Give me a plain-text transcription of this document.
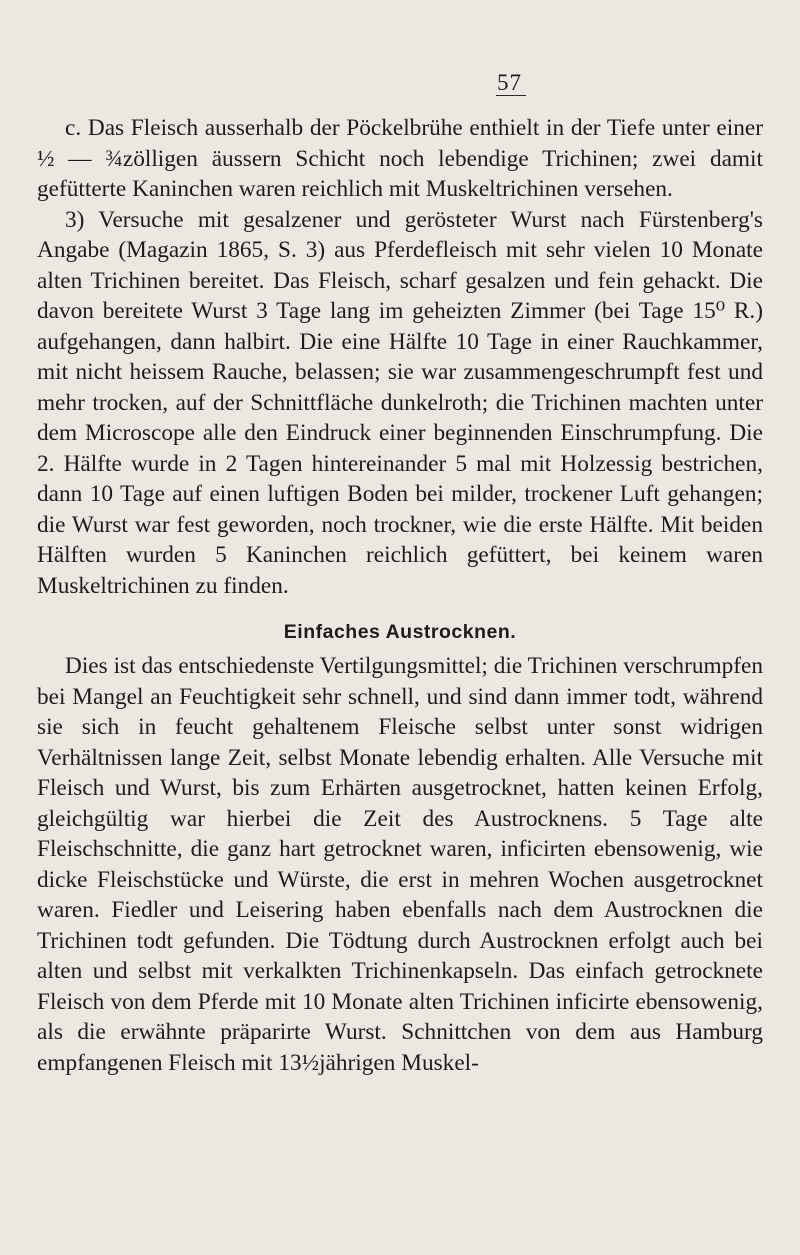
57

c. Das Fleisch ausserhalb der Pöckelbrühe enthielt in der Tiefe unter einer ½ — ¾zölligen äussern Schicht noch lebendige Trichinen; zwei damit gefütterte Kaninchen waren reichlich mit Muskeltrichinen versehen.

3) Versuche mit gesalzener und gerösteter Wurst nach Fürstenberg's Angabe (Magazin 1865, S. 3) aus Pferdefleisch mit sehr vielen 10 Monate alten Trichinen bereitet. Das Fleisch, scharf gesalzen und fein gehackt. Die davon bereitete Wurst 3 Tage lang im geheizten Zimmer (bei Tage 15⁰ R.) aufgehangen, dann halbirt. Die eine Hälfte 10 Tage in einer Rauchkammer, mit nicht heissem Rauche, belassen; sie war zusammengeschrumpft fest und mehr trocken, auf der Schnittfläche dunkelroth; die Trichinen machten unter dem Microscope alle den Eindruck einer beginnenden Einschrumpfung. Die 2. Hälfte wurde in 2 Tagen hintereinander 5 mal mit Holzessig bestrichen, dann 10 Tage auf einen luftigen Boden bei milder, trockener Luft gehangen; die Wurst war fest geworden, noch trockner, wie die erste Hälfte. Mit beiden Hälften wurden 5 Kaninchen reichlich gefüttert, bei keinem waren Muskeltrichinen zu finden.

Einfaches Austrocknen.

Dies ist das entschiedenste Vertilgungsmittel; die Trichinen verschrumpfen bei Mangel an Feuchtigkeit sehr schnell, und sind dann immer todt, während sie sich in feucht gehaltenem Fleische selbst unter sonst widrigen Verhältnissen lange Zeit, selbst Monate lebendig erhalten. Alle Versuche mit Fleisch und Wurst, bis zum Erhärten ausgetrocknet, hatten keinen Erfolg, gleichgültig war hierbei die Zeit des Austrocknens. 5 Tage alte Fleischschnitte, die ganz hart getrocknet waren, inficirten ebensowenig, wie dicke Fleischstücke und Würste, die erst in mehren Wochen ausgetrocknet waren. Fiedler und Leisering haben ebenfalls nach dem Austrocknen die Trichinen todt gefunden. Die Tödtung durch Austrocknen erfolgt auch bei alten und selbst mit verkalkten Trichinenkapseln. Das einfach getrocknete Fleisch von dem Pferde mit 10 Monate alten Trichinen inficirte ebensowenig, als die erwähnte präparirte Wurst. Schnittchen von dem aus Hamburg empfangenen Fleisch mit 13½jährigen Muskel-
